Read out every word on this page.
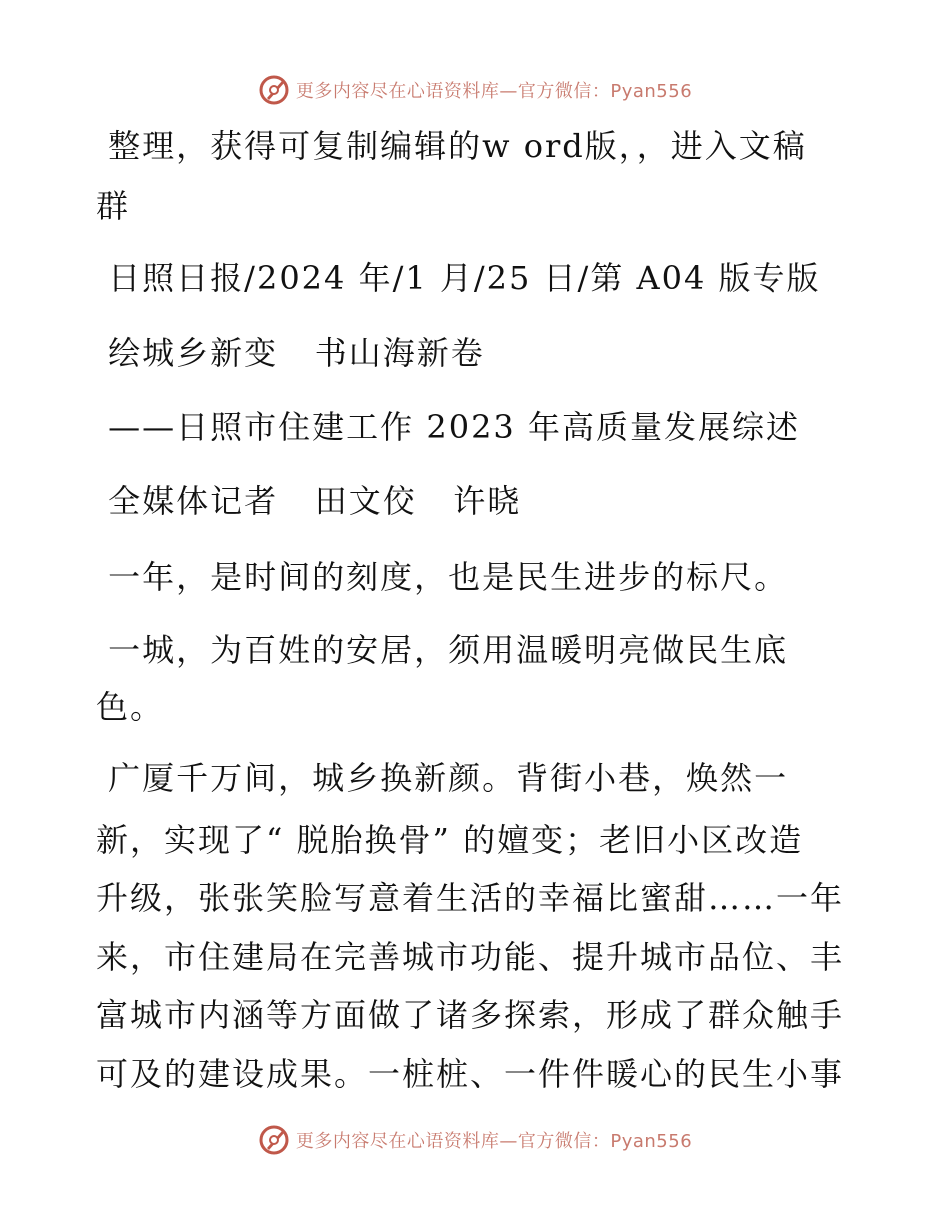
更多内容尽在心语资料库—官方微信：Pyan556
整理，获得可复制编辑的w ord版，，进入文稿
群
日照日报/2024 年/1 月/25 日/第 A04 版专版
绘城乡新变   书山海新卷
——日照市住建工作 2023 年高质量发展综述
全媒体记者   田文佼   许晓
一年，是时间的刻度，也是民生进步的标尺。
一城，为百姓的安居，须用温暖明亮做民生底
色。
广厦千万间，城乡换新颜。背街小巷，焕然一
新，实现了“ 脱胎换骨” 的嬗变；老旧小区改造
升级，张张笑脸写意着生活的幸福比蜜甜……一年
来，市住建局在完善城市功能、提升城市品位、丰
富城市内涵等方面做了诸多探索，形成了群众触手
可及的建设成果。一桩桩、一件件暖心的民生小事
更多内容尽在心语资料库—官方微信：Pyan556
